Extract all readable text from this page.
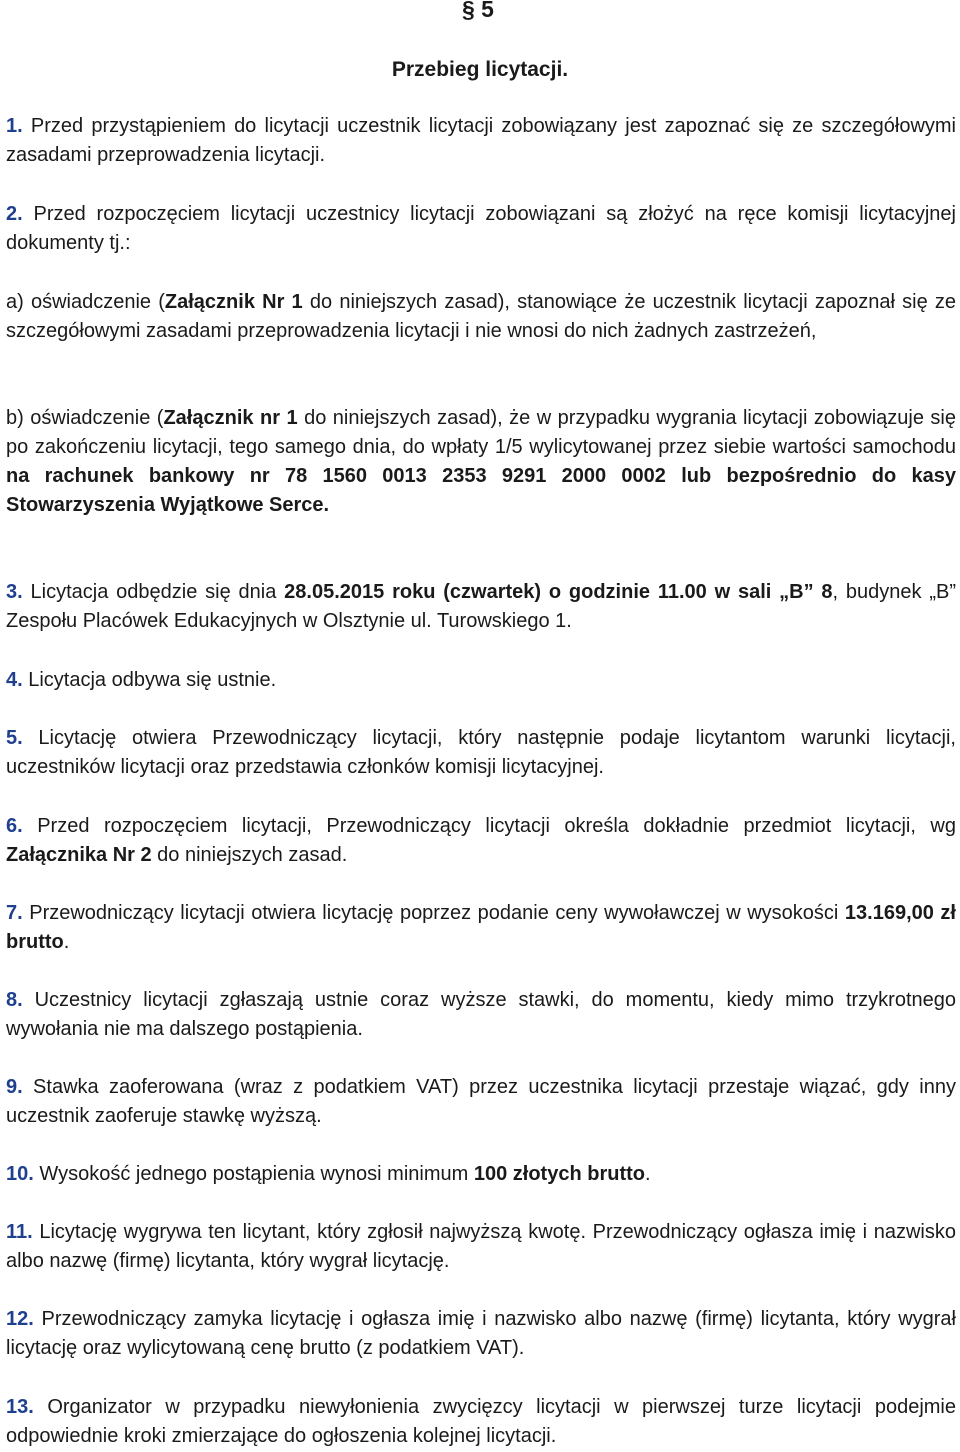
§ 5
Przebieg licytacji.

1. Przed przystąpieniem do licytacji uczestnik licytacji zobowiązany jest zapoznać się ze szczegółowymi zasadami przeprowadzenia licytacji.

2. Przed rozpoczęciem licytacji uczestnicy licytacji zobowiązani są złożyć na ręce komisji licytacyjnej dokumenty tj.:

a) oświadczenie (Załącznik Nr 1 do niniejszych zasad), stanowiące że uczestnik licytacji zapoznał się ze szczegółowymi zasadami przeprowadzenia licytacji i nie wnosi do nich żadnych zastrzeżeń,

b) oświadczenie (Załącznik nr 1 do niniejszych zasad), że w przypadku wygrania licytacji zobowiązuje się po zakończeniu licytacji, tego samego dnia, do wpłaty 1/5 wylicytowanej przez siebie wartości samochodu na rachunek bankowy nr 78 1560 0013 2353 9291 2000 0002 lub bezpośrednio do kasy Stowarzyszenia Wyjątkowe Serce.

3. Licytacja odbędzie się dnia 28.05.2015 roku (czwartek) o godzinie 11.00 w sali „B” 8, budynek „B” Zespołu Placówek Edukacyjnych w Olsztynie ul. Turowskiego 1.

4. Licytacja odbywa się ustnie.

5. Licytację otwiera Przewodniczący licytacji, który następnie podaje licytantom warunki licytacji, uczestników licytacji oraz przedstawia członków komisji licytacyjnej.

6. Przed rozpoczęciem licytacji, Przewodniczący licytacji określa dokładnie przedmiot licytacji, wg Załącznika Nr 2 do niniejszych zasad.

7. Przewodniczący licytacji otwiera licytację poprzez podanie ceny wywoławczej w wysokości 13.169,00 zł brutto.

8. Uczestnicy licytacji zgłaszają ustnie coraz wyższe stawki, do momentu, kiedy mimo trzykrotnego wywołania nie ma dalszego postąpienia.

9. Stawka zaoferowana (wraz z podatkiem VAT) przez uczestnika licytacji przestaje wiązać, gdy inny uczestnik zaoferuje stawkę wyższą.

10. Wysokość jednego postąpienia wynosi minimum 100 złotych brutto.

11. Licytację wygrywa ten licytant, który zgłosił najwyższą kwotę. Przewodniczący ogłasza imię i nazwisko albo nazwę (firmę) licytanta, który wygrał licytację.

12. Przewodniczący zamyka licytację i ogłasza imię i nazwisko albo nazwę (firmę) licytanta, który wygrał licytację oraz wylicytowaną cenę brutto (z podatkiem VAT).

13. Organizator w przypadku niewyłonienia zwycięzcy licytacji w pierwszej turze licytacji podejmie odpowiednie kroki zmierzające do ogłoszenia kolejnej licytacji.
